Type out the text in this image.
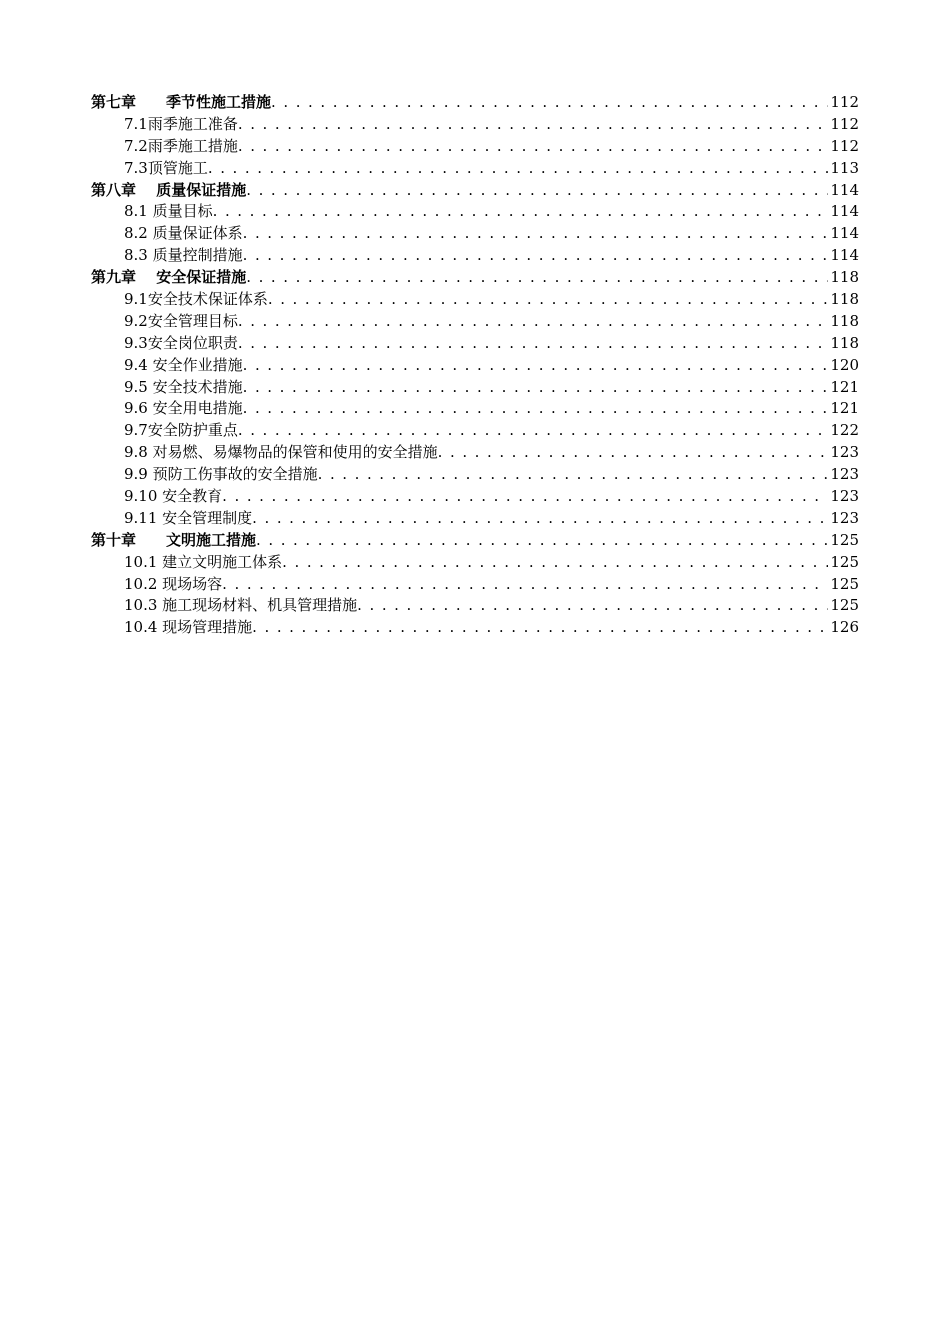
第七章　　季节性施工措施 . . .	112
7.1雨季施工准备 . . .	112
7.2雨季施工措施 . . .	112
7.3顶管施工 . . .	113
第八章　 质量保证措施 . . .	114
8.1 质量目标 . . .	114
8.2 质量保证体系 . . .	114
8.3 质量控制措施 . . .	114
第九章　 安全保证措施 . . .	118
9.1安全技术保证体系 . . .	118
9.2安全管理目标 . . .	118
9.3安全岗位职责 . . .	118
9.4 安全作业措施 . . .	120
9.5 安全技术措施 . . .	121
9.6 安全用电措施 . . .	121
9.7安全防护重点 . . .	122
9.8 对易燃、易爆物品的保管和使用的安全措施 . . .	123
9.9 预防工伤事故的安全措施 . . .	123
9.10 安全教育 . . .	123
9.11 安全管理制度 . . .	123
第十章　　文明施工措施 . . .	125
10.1 建立文明施工体系 . . .	125
10.2 现场场容 . . .	125
10.3 施工现场材料、机具管理措施 . . .	125
10.4 现场管理措施 . . .	126
